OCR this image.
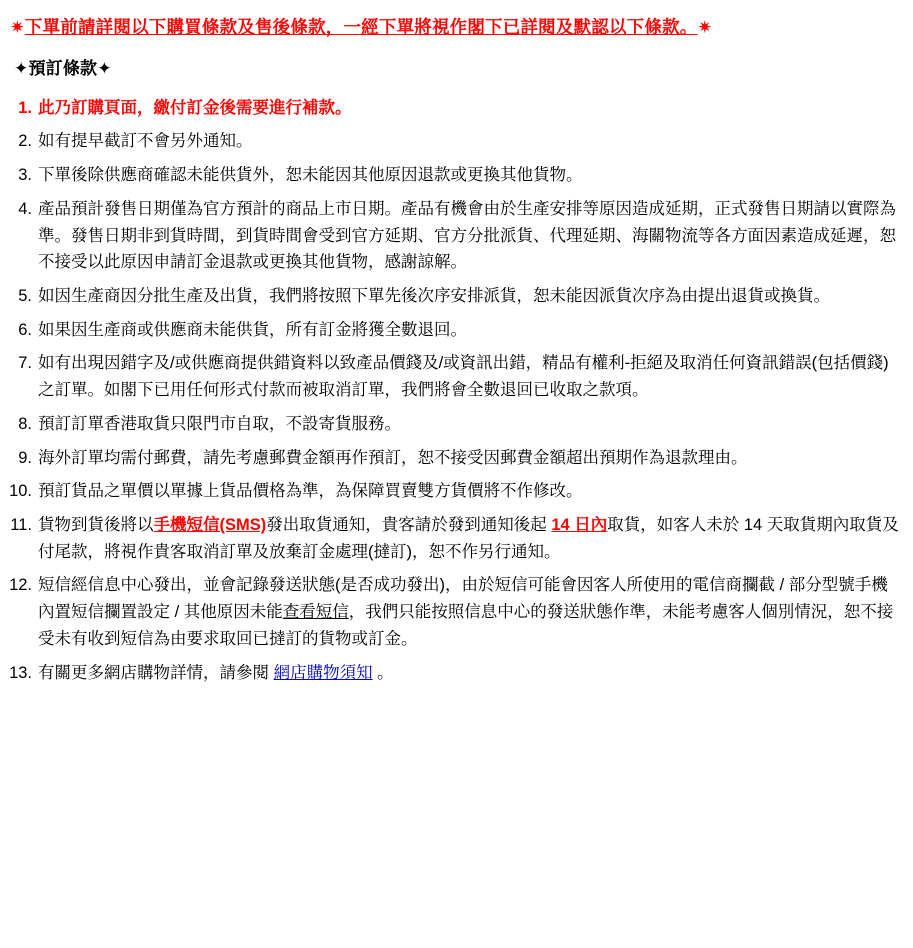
✷下單前請詳閱以下購買條款及售後條款，一經下單將視作閣下已詳閱及默認以下條款。✷
✦預訂條款✦
1. 此乃訂購頁面，繳付訂金後需要進行補款。
2. 如有提早截訂不會另外通知。
3. 下單後除供應商確認未能供貨外，恕未能因其他原因退款或更換其他貨物。
4. 產品預計發售日期僅為官方預計的商品上市日期。產品有機會由於生產安排等原因造成延期，正式發售日期請以實際為準。發售日期非到貨時間，到貨時間會受到官方延期、官方分批派貨、代理延期、海關物流等各方面因素造成延遲，恕不接受以此原因申請訂金退款或更換其他貨物，感謝諒解。
5. 如因生產商因分批生產及出貨，我們將按照下單先後次序安排派貨，恕未能因派貨次序為由提出退貨或換貨。
6. 如果因生產商或供應商未能供貨，所有訂金將獲全數退回。
7. 如有出現因錯字及/或供應商提供錯資料以致產品價錢及/或資訊出錯，精品有權利-拒絕及取消任何資訊錯誤(包括價錢)之訂單。如閣下已用任何形式付款而被取消訂單，我們將會全數退回已收取之款項。
8. 預訂訂單香港取貨只限門市自取，不設寄貨服務。
9. 海外訂單均需付郵費，請先考慮郵費金額再作預訂，恕不接受因郵費金額超出預期作為退款理由。
10. 預訂貨品之單價以單據上貨品價格為準，為保障買賣雙方貨價將不作修改。
11. 貨物到貨後將以手機短信(SMS)發出取貨通知，貴客請於發到通知後起 14 日內取貨，如客人未於 14 天取貨期內取貨及付尾款，將視作貴客取消訂單及放棄訂金處理(撻訂)，恕不作另行通知。
12. 短信經信息中心發出，並會記錄發送狀態(是否成功發出)，由於短信可能會因客人所使用的電信商攔截 / 部分型號手機內置短信攔置設定 / 其他原因未能查看短信，我們只能按照信息中心的發送狀態作準，未能考慮客人個別情況，恕不接受未有收到短信為由要求取回已撻訂的貨物或訂金。
13. 有關更多網店購物詳情，請參閱 網店購物須知 。
